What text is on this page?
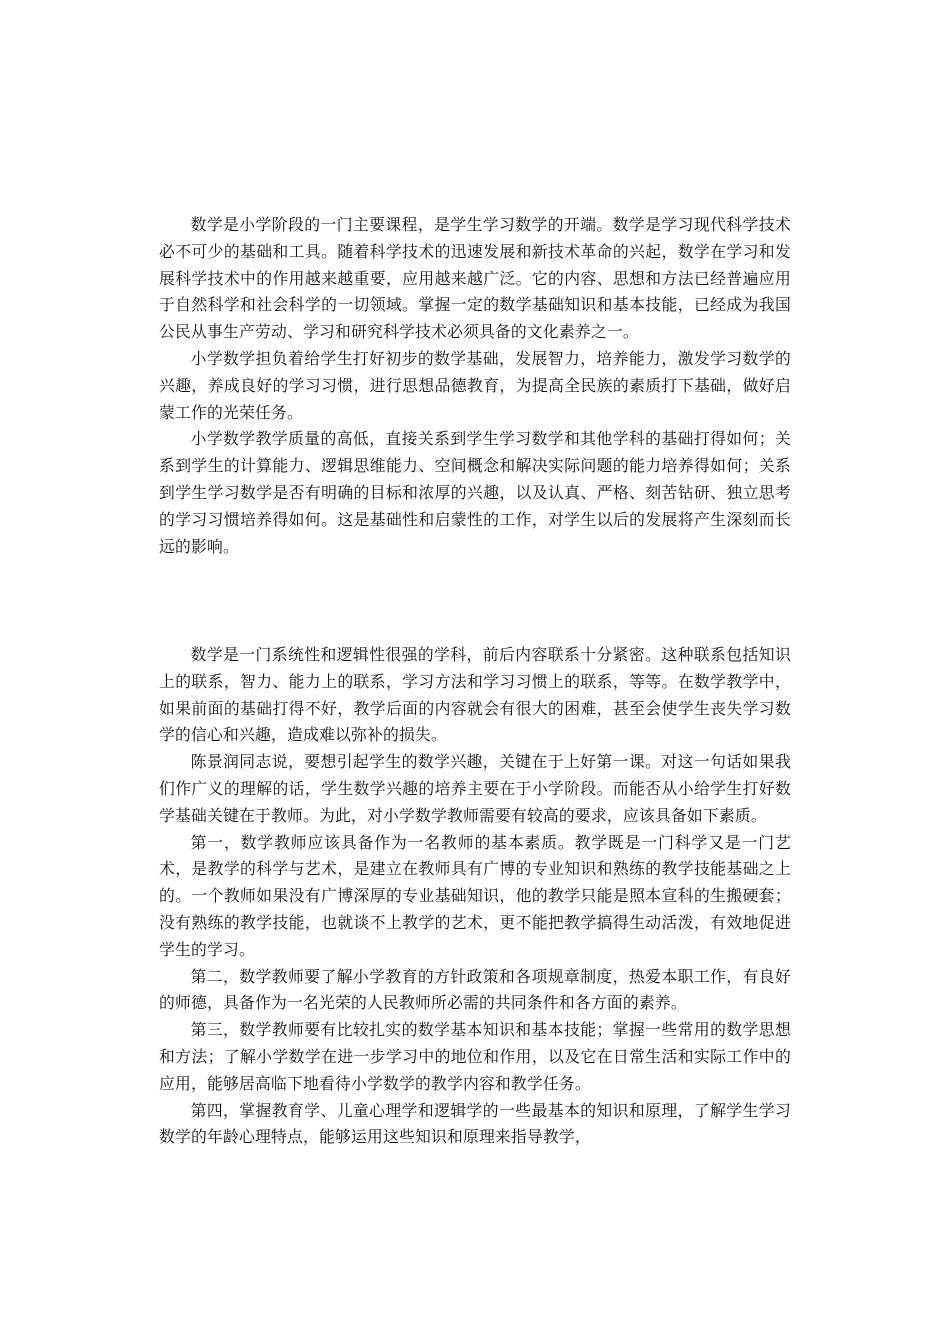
数学是小学阶段的一门主要课程，是学生学习数学的开端。数学是学习现代科学技术必不可少的基础和工具。随着科学技术的迅速发展和新技术革命的兴起，数学在学习和发展科学技术中的作用越来越重要，应用越来越广泛。它的内容、思想和方法已经普遍应用于自然科学和社会科学的一切领域。掌握一定的数学基础知识和基本技能，已经成为我国公民从事生产劳动、学习和研究科学技术必须具备的文化素养之一。

小学数学担负着给学生打好初步的数学基础，发展智力，培养能力，激发学习数学的兴趣，养成良好的学习习惯，进行思想品德教育，为提高全民族的素质打下基础，做好启蒙工作的光荣任务。

小学数学教学质量的高低，直接关系到学生学习数学和其他学科的基础打得如何；关系到学生的计算能力、逻辑思维能力、空间概念和解决实际问题的能力培养得如何；关系到学生学习数学是否有明确的目标和浓厚的兴趣，以及认真、严格、刻苦钻研、独立思考的学习习惯培养得如何。这是基础性和启蒙性的工作，对学生以后的发展将产生深刻而长远的影响。

数学是一门系统性和逻辑性很强的学科，前后内容联系十分紧密。这种联系包括知识上的联系，智力、能力上的联系，学习方法和学习习惯上的联系，等等。在数学教学中，如果前面的基础打得不好，教学后面的内容就会有很大的困难，甚至会使学生丧失学习数学的信心和兴趣，造成难以弥补的损失。

陈景润同志说，要想引起学生的数学兴趣，关键在于上好第一课。对这一句话如果我们作广义的理解的话，学生数学兴趣的培养主要在于小学阶段。而能否从小给学生打好数学基础关键在于教师。为此，对小学数学教师需要有较高的要求，应该具备如下素质。

第一，数学教师应该具备作为一名教师的基本素质。教学既是一门科学又是一门艺术，是教学的科学与艺术，是建立在教师具有广博的专业知识和熟练的教学技能基础之上的。一个教师如果没有广博深厚的专业基础知识，他的教学只能是照本宣科的生搬硬套；没有熟练的教学技能，也就谈不上教学的艺术，更不能把教学搞得生动活泼，有效地促进学生的学习。

第二，数学教师要了解小学教育的方针政策和各项规章制度，热爱本职工作，有良好的师德，具备作为一名光荣的人民教师所必需的共同条件和各方面的素养。

第三，数学教师要有比较扎实的数学基本知识和基本技能；掌握一些常用的数学思想和方法；了解小学数学在进一步学习中的地位和作用，以及它在日常生活和实际工作中的应用，能够居高临下地看待小学数学的教学内容和教学任务。

第四，掌握教育学、儿童心理学和逻辑学的一些最基本的知识和原理，了解学生学习数学的年龄心理特点，能够运用这些知识和原理来指导教学，
